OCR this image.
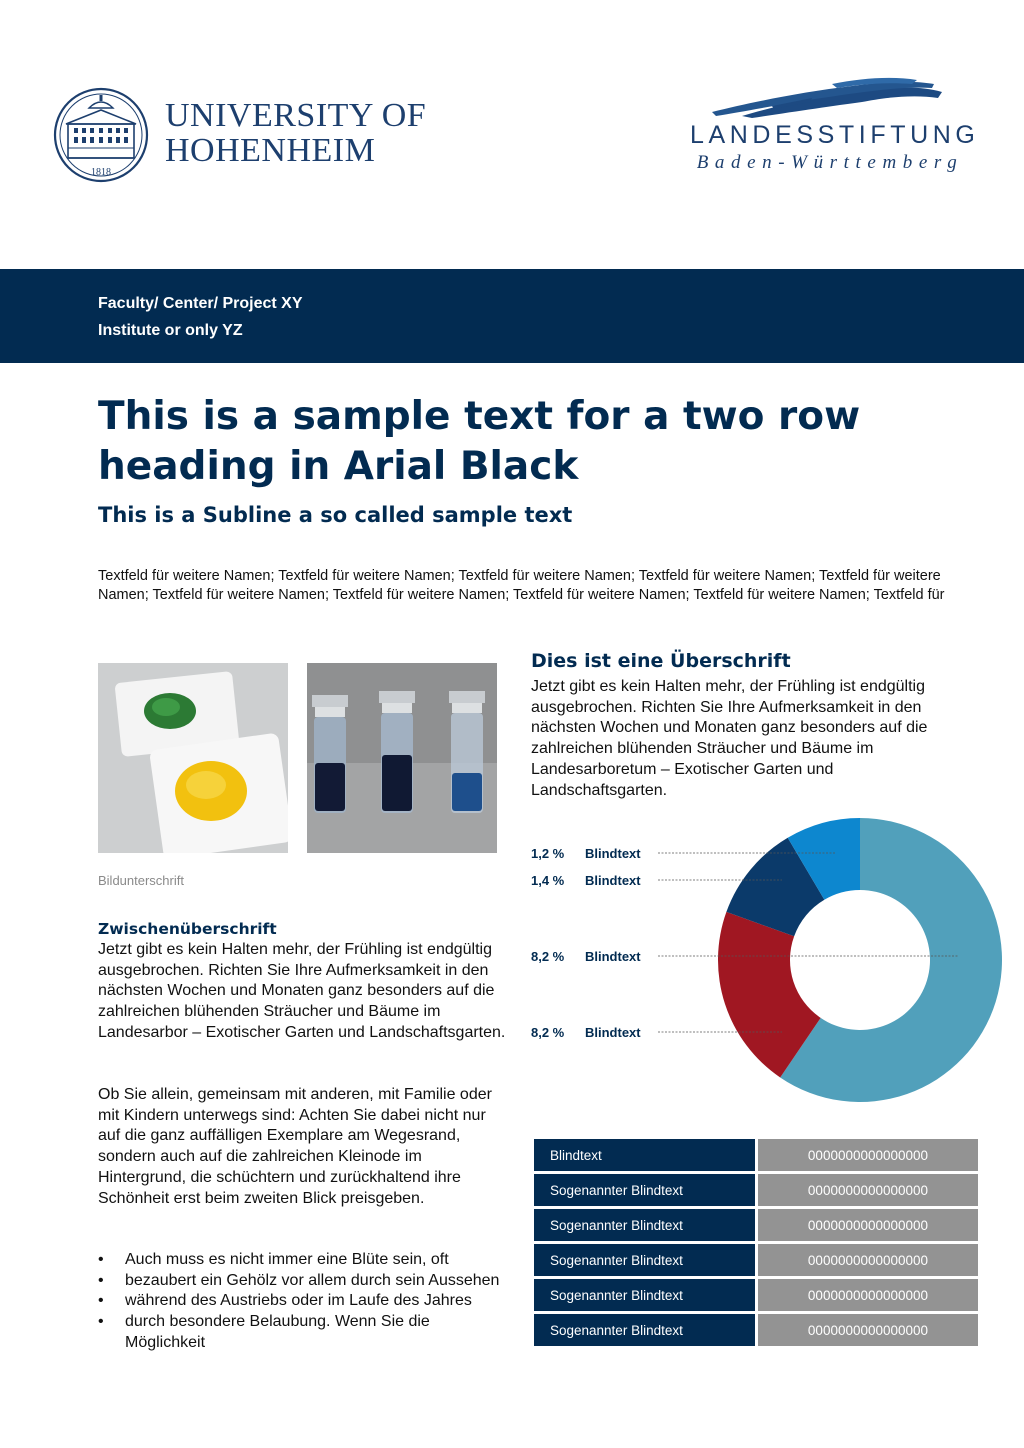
1818
UNIVERSITY OF
HOHENHEIM	LANDESSTIFTUNG
Baden-Württemberg
Faculty/ Center/ Project XY
Institute or only YZ
This is a sample text for a two row heading in Arial Black
This is a Subline a so called sample text
Textfeld für weitere Namen; Textfeld für weitere Namen; Textfeld für weitere Namen; Textfeld für weitere Namen; Textfeld für weitere Namen; Textfeld für weitere Namen; Textfeld für weitere Namen; Textfeld für weitere Namen; Textfeld für weitere Namen; Textfeld für
Bildunterschrift
Zwischenüberschrift
Jetzt gibt es kein Halten mehr, der Frühling ist endgültig ausgebrochen. Richten Sie Ihre Aufmerksamkeit in den nächsten Wochen und Monaten ganz besonders auf die zahlreichen blühenden Sträucher und Bäume im Landesarbor – Exotischer Garten und Landschaftsgarten.
Ob Sie allein, gemeinsam mit anderen, mit Familie oder mit Kindern unterwegs sind: Achten Sie dabei nicht nur auf die ganz auffälligen Exemplare am Wegesrand, sondern auch auf die zahlreichen Kleinode im Hintergrund, die schüchtern und zurückhaltend ihre Schönheit erst beim zweiten Blick preisgeben.
• Auch muss es nicht immer eine Blüte sein, oft
• bezaubert ein Gehölz vor allem durch sein Aussehen
• während des Austriebs oder im Laufe des Jahres
• durch besondere Belaubung. Wenn Sie die Möglichkeit
Dies ist eine Überschrift
Jetzt gibt es kein Halten mehr, der Frühling ist endgültig ausgebrochen. Richten Sie Ihre Aufmerksamkeit in den nächsten Wochen und Monaten ganz besonders auf die zahlreichen blühenden Sträucher und Bäume im Landesarboretum – Exotischer Garten und Landschaftsgarten.
1,2 % Blindtext
1,4 % Blindtext
8,2 % Blindtext
8,2 % Blindtext
Blindtext	0000000000000000
Sogenannter Blindtext	0000000000000000
Sogenannter Blindtext	0000000000000000
Sogenannter Blindtext	0000000000000000
Sogenannter Blindtext	0000000000000000
Sogenannter Blindtext	0000000000000000
